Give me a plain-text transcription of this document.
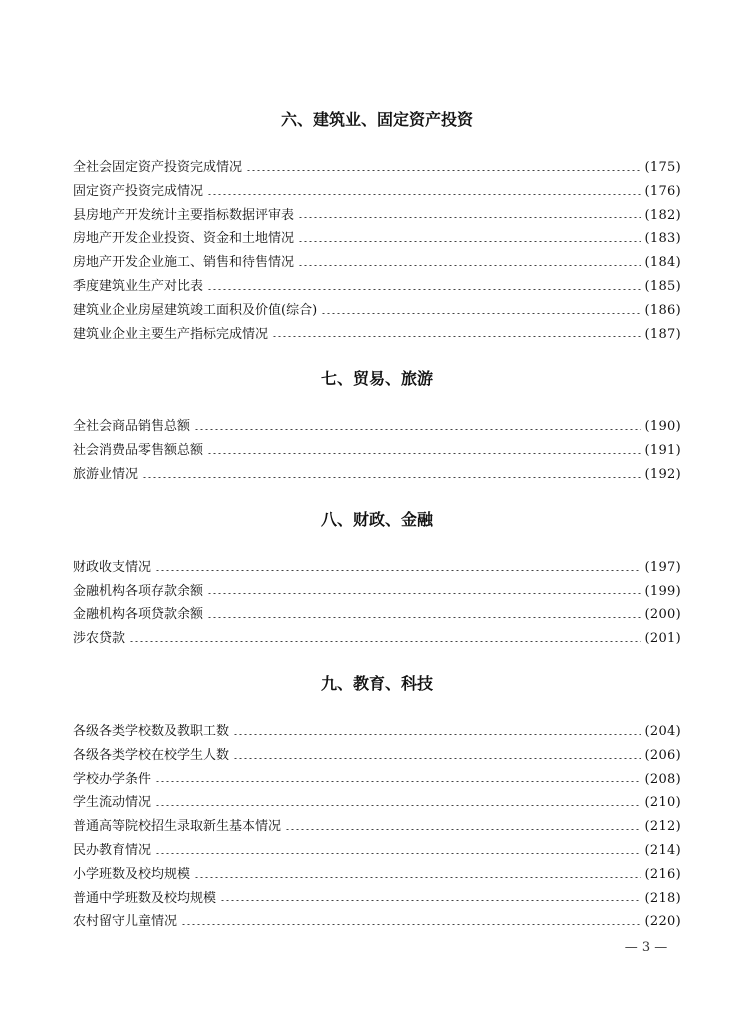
六、建筑业、固定资产投资
全社会固定资产投资完成情况	(175)
固定资产投资完成情况	(176)
县房地产开发统计主要指标数据评审表	(182)
房地产开发企业投资、资金和土地情况	(183)
房地产开发企业施工、销售和待售情况	(184)
季度建筑业生产对比表	(185)
建筑业企业房屋建筑竣工面积及价值(综合)	(186)
建筑业企业主要生产指标完成情况	(187)
七、贸易、旅游
全社会商品销售总额	(190)
社会消费品零售额总额	(191)
旅游业情况	(192)
八、财政、金融
财政收支情况	(197)
金融机构各项存款余额	(199)
金融机构各项贷款余额	(200)
涉农贷款	(201)
九、教育、科技
各级各类学校数及教职工数	(204)
各级各类学校在校学生人数	(206)
学校办学条件	(208)
学生流动情况	(210)
普通高等院校招生录取新生基本情况	(212)
民办教育情况	(214)
小学班数及校均规模	(216)
普通中学班数及校均规模	(218)
农村留守儿童情况	(220)
— 3 —
